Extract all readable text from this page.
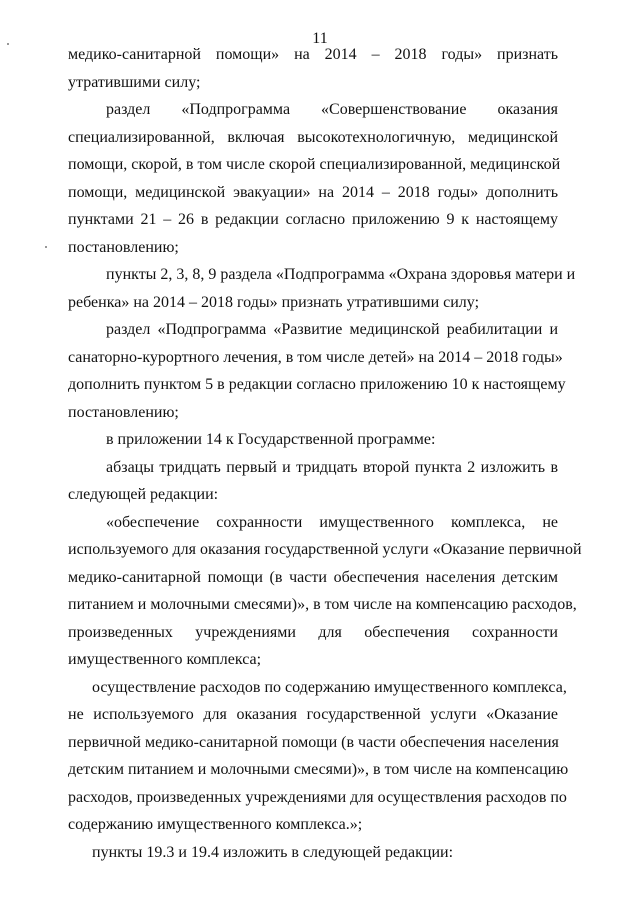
11
медико-санитарной помощи» на 2014 – 2018 годы» признать
утратившими силу;
раздел «Подпрограмма «Совершенствование оказания
специализированной, включая высокотехнологичную, медицинской
помощи, скорой, в том числе скорой специализированной, медицинской
помощи, медицинской эвакуации» на 2014 – 2018 годы» дополнить
пунктами 21 – 26 в редакции согласно приложению 9 к настоящему
постановлению;
пункты 2, 3, 8, 9 раздела «Подпрограмма «Охрана здоровья матери и
ребенка» на 2014 – 2018 годы» признать утратившими силу;
раздел «Подпрограмма «Развитие медицинской реабилитации и
санаторно-курортного лечения, в том числе детей» на 2014 – 2018 годы»
дополнить пунктом 5 в редакции согласно приложению 10 к настоящему
постановлению;
в приложении 14 к Государственной программе:
абзацы тридцать первый и тридцать второй пункта 2 изложить в
следующей редакции:
«обеспечение сохранности имущественного комплекса, не
используемого для оказания государственной услуги «Оказание первичной
медико-санитарной помощи (в части обеспечения населения детским
питанием и молочными смесями)», в том числе на компенсацию расходов,
произведенных учреждениями для обеспечения сохранности
имущественного комплекса;
осуществление расходов по содержанию имущественного комплекса,
не используемого для оказания государственной услуги «Оказание
первичной медико-санитарной помощи (в части обеспечения населения
детским питанием и молочными смесями)», в том числе на компенсацию
расходов, произведенных учреждениями для осуществления расходов по
содержанию имущественного комплекса.»;
пункты 19.3 и 19.4 изложить в следующей редакции:
